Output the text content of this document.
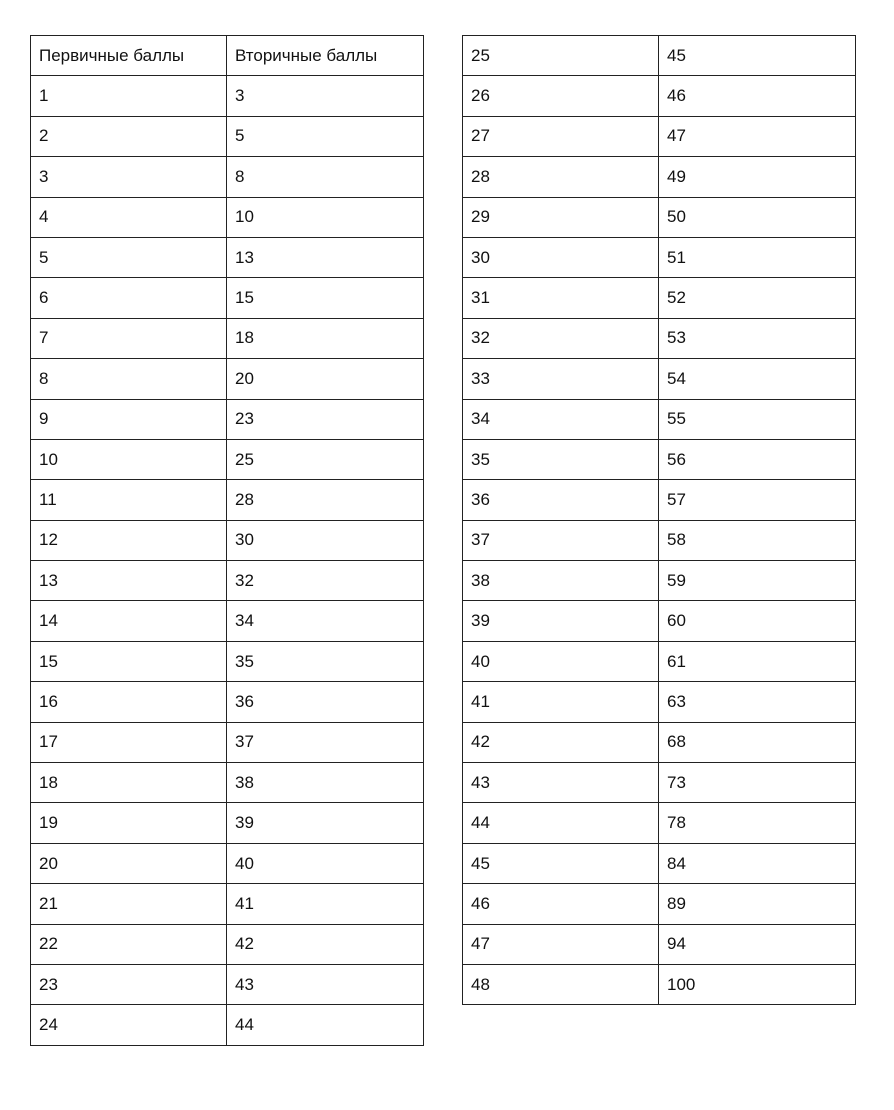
Первичные баллы	Вторичные баллы
1	3
2	5
3	8
4	10
5	13
6	15
7	18
8	20
9	23
10	25
11	28
12	30
13	32
14	34
15	35
16	36
17	37
18	38
19	39
20	40
21	41
22	42
23	43
24	44
25	45
26	46
27	47
28	49
29	50
30	51
31	52
32	53
33	54
34	55
35	56
36	57
37	58
38	59
39	60
40	61
41	63
42	68
43	73
44	78
45	84
46	89
47	94
48	100
